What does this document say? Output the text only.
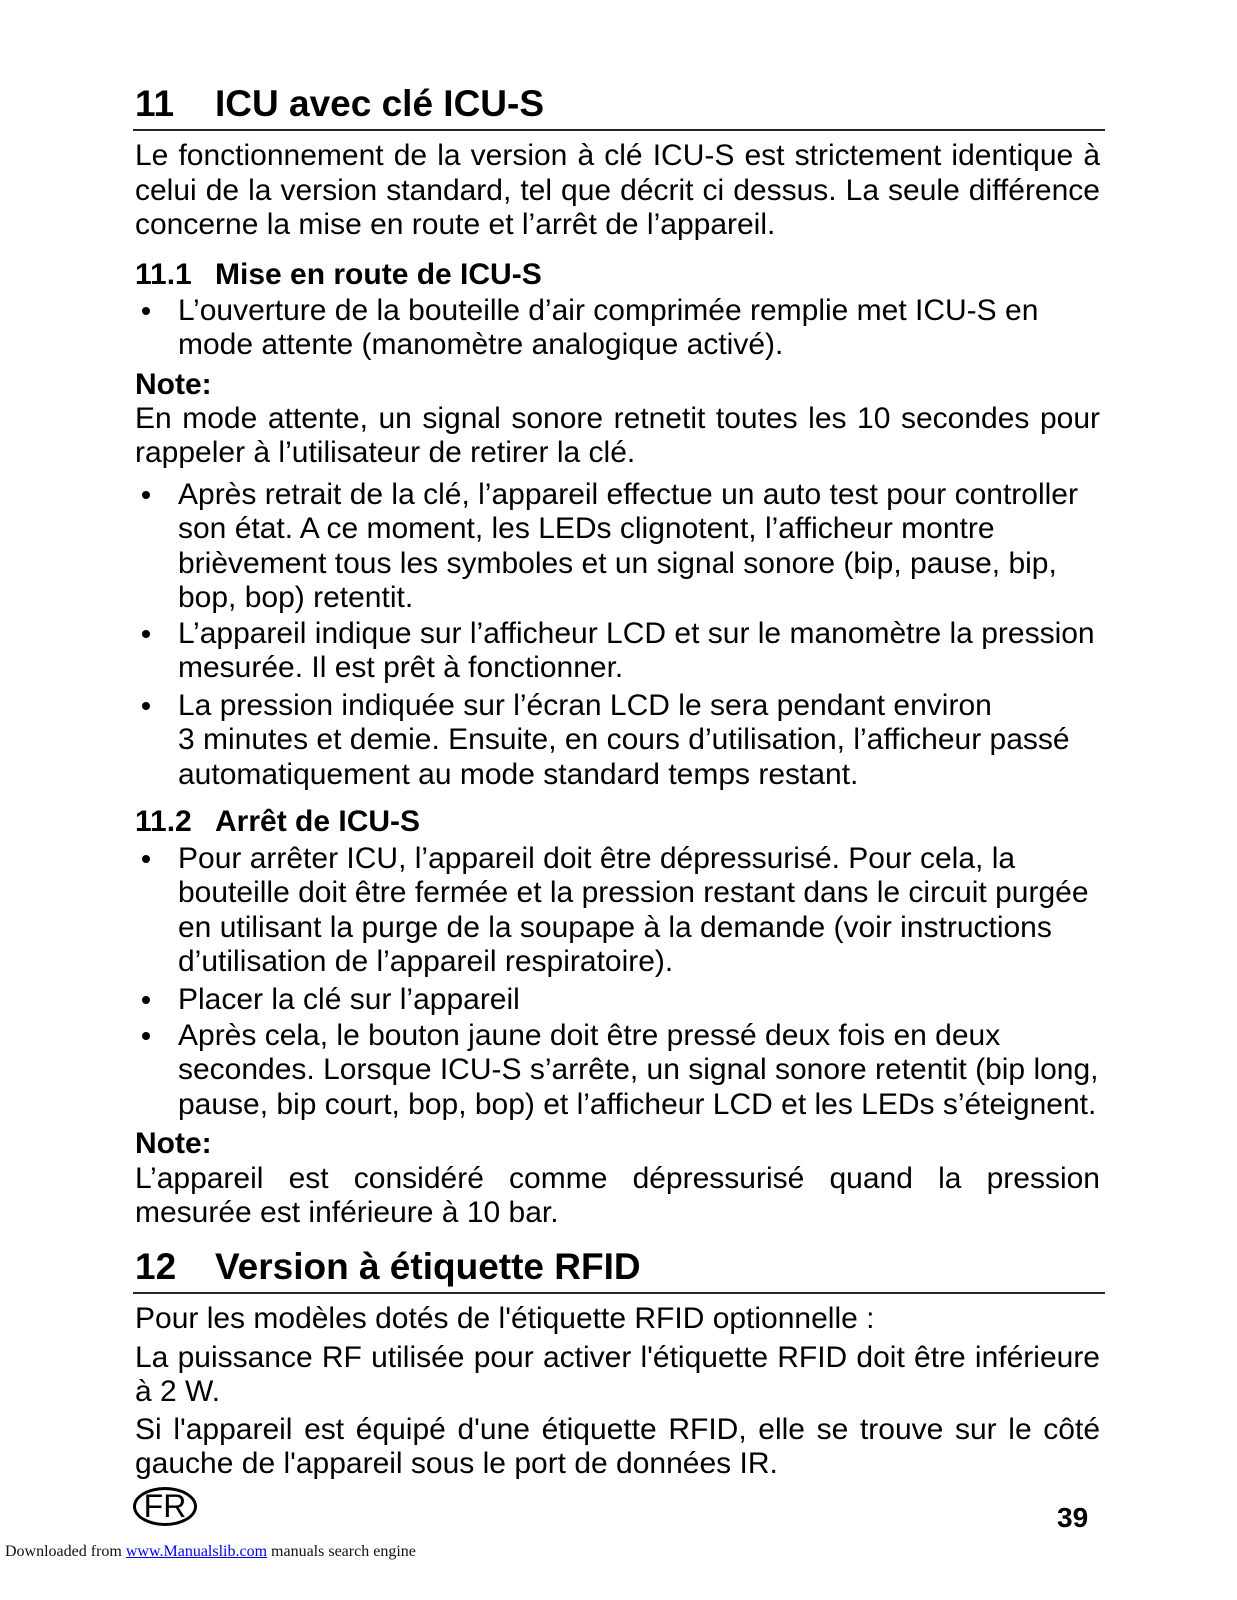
11 ICU avec clé ICU-S
Le fonctionnement de la version à clé ICU-S est strictement identique à
celui de la version standard, tel que décrit ci dessus. La seule différence
concerne la mise en route et l’arrêt de l’appareil.
11.1 Mise en route de ICU-S
L’ouverture de la bouteille d’air comprimée remplie met ICU-S en
mode attente (manomètre analogique activé).
Note:
En mode attente, un signal sonore retnetit toutes les 10 secondes pour
rappeler à l’utilisateur de retirer la clé.
Après retrait de la clé, l’appareil effectue un auto test pour controller
son état. A ce moment, les LEDs clignotent, l’afficheur montre
brièvement tous les symboles et un signal sonore (bip, pause, bip,
bop, bop) retentit.
L’appareil indique sur l’afficheur LCD et sur le manomètre la pression
mesurée. Il est prêt à fonctionner.
La pression indiquée sur l’écran LCD le sera pendant environ
3 minutes et demie. Ensuite, en cours d’utilisation, l’afficheur passé
automatiquement au mode standard temps restant.
11.2 Arrêt de ICU-S
Pour arrêter ICU, l’appareil doit être dépressurisé. Pour cela, la
bouteille doit être fermée et la pression restant dans le circuit purgée
en utilisant la purge de la soupape à la demande (voir instructions
d’utilisation de l’appareil respiratoire).
Placer la clé sur l’appareil
Après cela, le bouton jaune doit être pressé deux fois en deux
secondes. Lorsque ICU-S s’arrête, un signal sonore retentit (bip long,
pause, bip court, bop, bop) et l’afficheur LCD et les LEDs s’éteignent.
Note:
L’appareil est considéré comme dépressurisé quand la pression
mesurée est inférieure à 10 bar.
12 Version à étiquette RFID
Pour les modèles dotés de l'étiquette RFID optionnelle :
La puissance RF utilisée pour activer l'étiquette RFID doit être inférieure
à 2 W.
Si l'appareil est équipé d'une étiquette RFID, elle se trouve sur le côté
gauche de l'appareil sous le port de données IR.
FR	39
Downloaded from www.Manualslib.com manuals search engine
